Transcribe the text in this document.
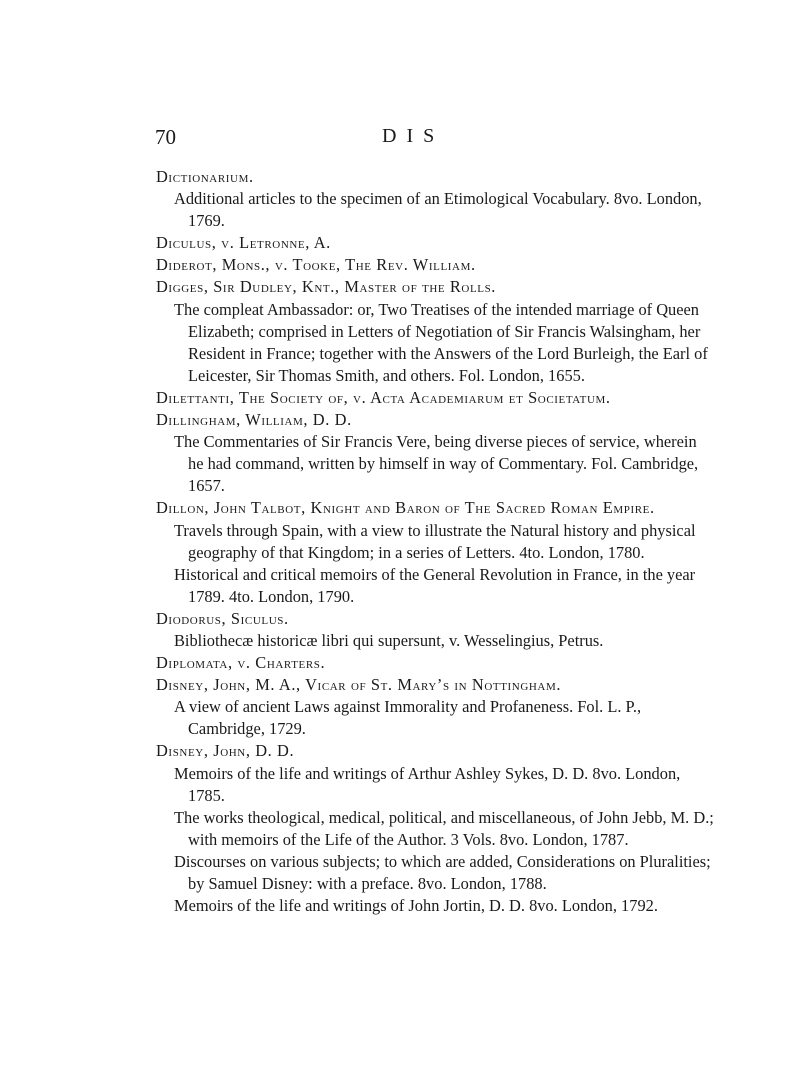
70	DIS

Dictionarium.

Additional articles to the specimen of an Etimological Vocabulary. 8vo. London, 1769.

Diculus, v. Letronne, A.

Diderot, Mons., v. Tooke, The Rev. William.

Digges, Sir Dudley, Knt., Master of the Rolls.

The compleat Ambassador: or, Two Treatises of the intended marriage of Queen Elizabeth; comprised in Letters of Negotiation of Sir Francis Walsingham, her Resident in France; together with the Answers of the Lord Burleigh, the Earl of Leicester, Sir Thomas Smith, and others. Fol. London, 1655.

Dilettanti, The Society of, v. Acta Academiarum et Societatum.

Dillingham, William, D. D.

The Commentaries of Sir Francis Vere, being diverse pieces of service, wherein he had command, written by himself in way of Commentary. Fol. Cambridge, 1657.

Dillon, John Talbot, Knight and Baron of The Sacred Roman Empire.

Travels through Spain, with a view to illustrate the Natural history and physical geography of that Kingdom; in a series of Letters. 4to. London, 1780.

Historical and critical memoirs of the General Revolution in France, in the year 1789. 4to. London, 1790.

Diodorus, Siculus.

Bibliothecæ historicæ libri qui supersunt, v. Wesselingius, Petrus.

Diplomata, v. Charters.

Disney, John, M. A., Vicar of St. Mary’s in Nottingham.

A view of ancient Laws against Immorality and Profaneness. Fol. L. P., Cambridge, 1729.

Disney, John, D. D.

Memoirs of the life and writings of Arthur Ashley Sykes, D. D. 8vo. London, 1785.

The works theological, medical, political, and miscellaneous, of John Jebb, M. D.; with memoirs of the Life of the Author. 3 Vols. 8vo. London, 1787.

Discourses on various subjects; to which are added, Considerations on Pluralities; by Samuel Disney: with a preface. 8vo. London, 1788.

Memoirs of the life and writings of John Jortin, D. D. 8vo. London, 1792.
